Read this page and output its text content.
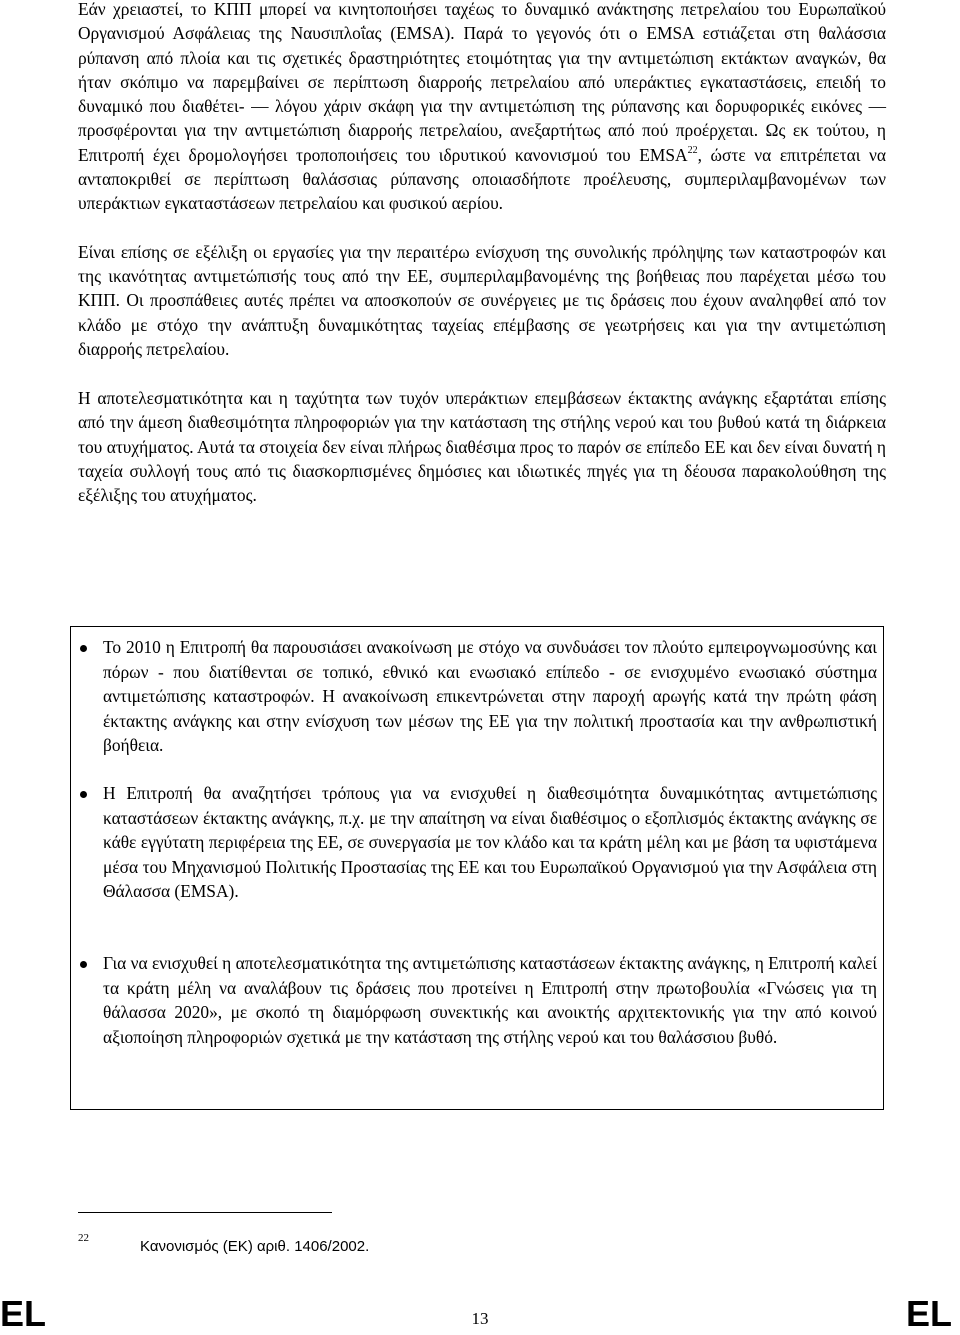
Εάν χρειαστεί, το ΚΠΠ μπορεί να κινητοποιήσει ταχέως το δυναμικό ανάκτησης πετρελαίου του Ευρωπαϊκού Οργανισμού Ασφάλειας της Ναυσιπλοΐας (EMSA). Παρά το γεγονός ότι ο EMSA εστιάζεται στη θαλάσσια ρύπανση από πλοία και τις σχετικές δραστηριότητες ετοιμότητας για την αντιμετώπιση εκτάκτων αναγκών, θα ήταν σκόπιμο να παρεμβαίνει σε περίπτωση διαρροής πετρελαίου από υπεράκτιες εγκαταστάσεις, επειδή το δυναμικό που διαθέτει- — λόγου χάριν σκάφη για την αντιμετώπιση της ρύπανσης και δορυφορικές εικόνες — προσφέρονται για την αντιμετώπιση διαρροής πετρελαίου, ανεξαρτήτως από πού προέρχεται. Ως εκ τούτου, η Επιτροπή έχει δρομολογήσει τροποποιήσεις του ιδρυτικού κανονισμού του EMSA$^{22}$, ώστε να επιτρέπεται να ανταποκριθεί σε περίπτωση θαλάσσιας ρύπανσης οποιασδήποτε προέλευσης, συμπεριλαμβανομένων των υπεράκτιων εγκαταστάσεων πετρελαίου και φυσικού αερίου.

Είναι επίσης σε εξέλιξη οι εργασίες για την περαιτέρω ενίσχυση της συνολικής πρόληψης των καταστροφών και της ικανότητας αντιμετώπισής τους από την ΕΕ, συμπεριλαμβανομένης της βοήθειας που παρέχεται μέσω του ΚΠΠ. Οι προσπάθειες αυτές πρέπει να αποσκοπούν σε συνέργειες με τις δράσεις που έχουν αναληφθεί από τον κλάδο με στόχο την ανάπτυξη δυναμικότητας ταχείας επέμβασης σε γεωτρήσεις και για την αντιμετώπιση διαρροής πετρελαίου.

Η αποτελεσματικότητα και η ταχύτητα των τυχόν υπεράκτιων επεμβάσεων έκτακτης ανάγκης εξαρτάται επίσης από την άμεση διαθεσιμότητα πληροφοριών για την κατάσταση της στήλης νερού και του βυθού κατά τη διάρκεια του ατυχήματος. Αυτά τα στοιχεία δεν είναι πλήρως διαθέσιμα προς το παρόν σε επίπεδο ΕΕ και δεν είναι δυνατή η ταχεία συλλογή τους από τις διασκορπισμένες δημόσιες και ιδιωτικές πηγές για τη δέουσα παρακολούθηση της εξέλιξης του ατυχήματος.

Το 2010 η Επιτροπή θα παρουσιάσει ανακοίνωση με στόχο να συνδυάσει τον πλούτο εμπειρογνωμοσύνης και πόρων - που διατίθενται σε τοπικό, εθνικό και ενωσιακό επίπεδο - σε ενισχυμένο ενωσιακό σύστημα αντιμετώπισης καταστροφών. Η ανακοίνωση επικεντρώνεται στην παροχή αρωγής κατά την πρώτη φάση έκτακτης ανάγκης και στην ενίσχυση των μέσων της ΕΕ για την πολιτική προστασία και την ανθρωπιστική βοήθεια.
Η Επιτροπή θα αναζητήσει τρόπους για να ενισχυθεί η διαθεσιμότητα δυναμικότητας αντιμετώπισης καταστάσεων έκτακτης ανάγκης, π.χ. με την απαίτηση να είναι διαθέσιμος ο εξοπλισμός έκτακτης ανάγκης σε κάθε εγγύτατη περιφέρεια της ΕΕ, σε συνεργασία με τον κλάδο και τα κράτη μέλη και με βάση τα υφιστάμενα μέσα του Μηχανισμού Πολιτικής Προστασίας της ΕΕ και του Ευρωπαϊκού Οργανισμού για την Ασφάλεια στη Θάλασσα (EMSA).
Για να ενισχυθεί η αποτελεσματικότητα της αντιμετώπισης καταστάσεων έκτακτης ανάγκης, η Επιτροπή καλεί τα κράτη μέλη να αναλάβουν τις δράσεις που προτείνει η Επιτροπή στην πρωτοβουλία «Γνώσεις για τη θάλασσα 2020», με σκοπό τη διαμόρφωση συνεκτικής και ανοικτής αρχιτεκτονικής για την από κοινού αξιοποίηση πληροφοριών σχετικά με την κατάσταση της στήλης νερού και του θαλάσσιου βυθό.
22	Κανονισμός (ΕΚ) αριθ. 1406/2002.
EL	13	EL
